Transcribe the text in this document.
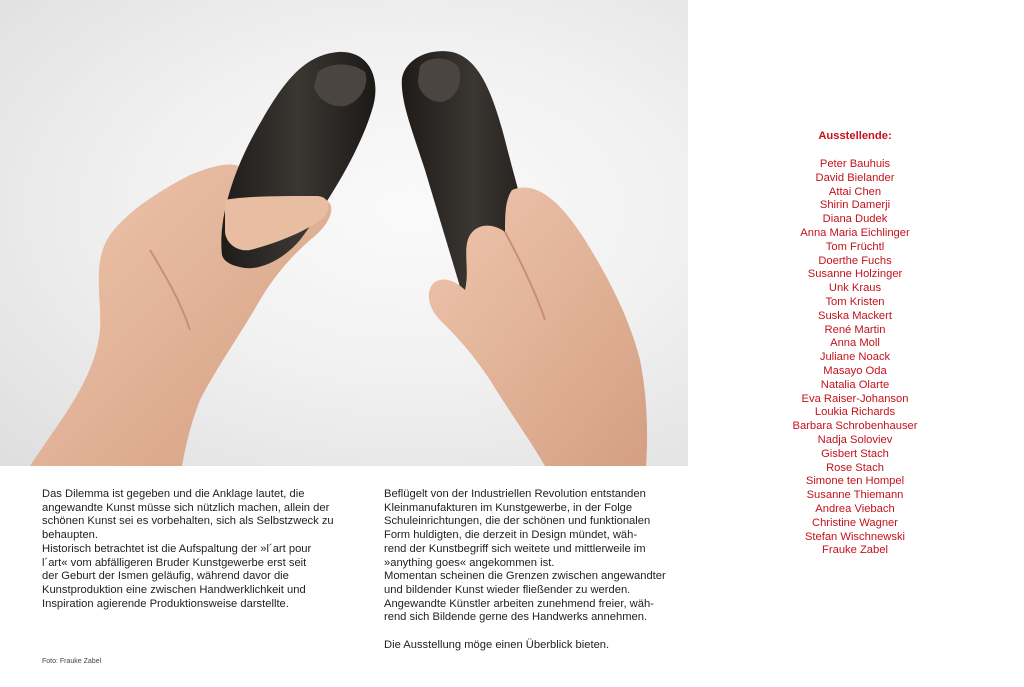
Das Dilemma ist gegeben und die Anklage lautet, die
angewandte Kunst müsse sich nützlich machen, allein der
schönen Kunst sei es vorbehalten, sich als Selbstzweck zu
behaupten.

Historisch betrachtet ist die Aufspaltung der »l´art pour
l´art« vom abfälligeren Bruder Kunstgewerbe erst seit
der Geburt der Ismen geläufig, während davor die
Kunstproduktion eine zwischen Handwerklichkeit und
Inspiration agierende Produktionsweise darstellte.

Beflügelt von der Industriellen Revolution entstanden
Kleinmanufakturen im Kunstgewerbe, in der Folge
Schuleinrichtungen, die der schönen und funktionalen
Form huldigten, die derzeit in Design mündet, wäh-
rend der Kunstbegriff sich weitete und mittlerweile im
»anything goes« angekommen ist.

Momentan scheinen die Grenzen zwischen angewandter
und bildender Kunst wieder fließender zu werden.
Angewandte Künstler arbeiten zunehmend freier, wäh-
rend sich Bildende gerne des Handwerks annehmen.

Die Ausstellung möge einen Überblick bieten.

Foto: Frauke Zabel
Ausstellende:
Peter Bauhuis
David Bielander
Attai Chen
Shirin Damerji
Diana Dudek
Anna Maria Eichlinger
Tom Früchtl
Doerthe Fuchs
Susanne Holzinger
Unk Kraus
Tom Kristen
Suska Mackert
René Martin
Anna Moll
Juliane Noack
Masayo Oda
Natalia Olarte
Eva Raiser-Johanson
Loukia Richards
Barbara Schrobenhauser
Nadja Soloviev
Gisbert Stach
Rose Stach
Simone ten Hompel
Susanne Thiemann
Andrea Viebach
Christine Wagner
Stefan Wischnewski
Frauke Zabel
